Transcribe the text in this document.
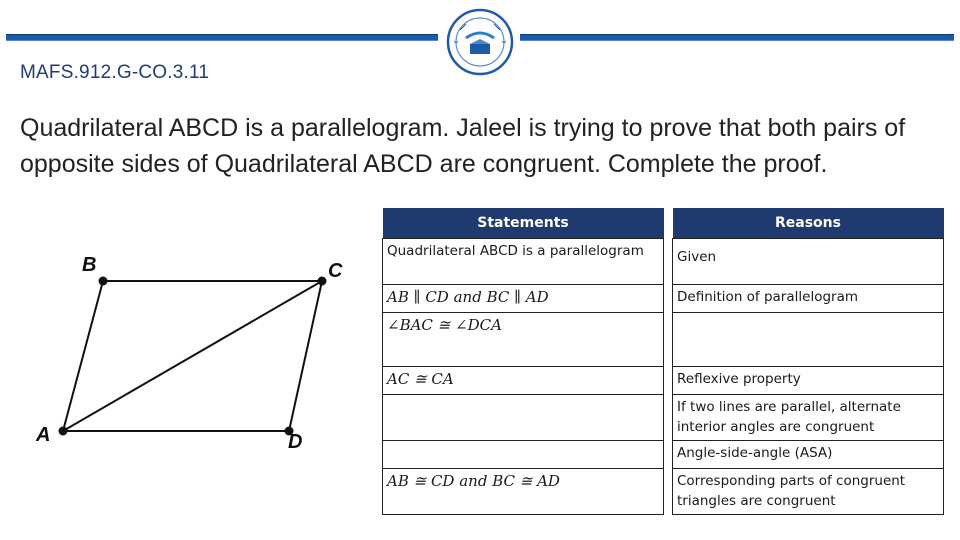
MAFS.912.G-CO.3.11
Quadrilateral ABCD is a parallelogram. Jaleel is trying to prove that both pairs of opposite sides of Quadrilateral ABCD are congruent. Complete the proof.
A
B	C
D
Statements		Reasons
Quadrilateral ABCD is a parallelogram		Given
AB ∥ CD and BC ∥ AD		Definition of parallelogram
∠BAC ≅ ∠DCA		
AC ≅ CA		Reflexive property
		If two lines are parallel, alternate interior angles are congruent
		Angle-side-angle (ASA)
AB ≅ CD and BC ≅ AD		Corresponding parts of congruent triangles are congruent
